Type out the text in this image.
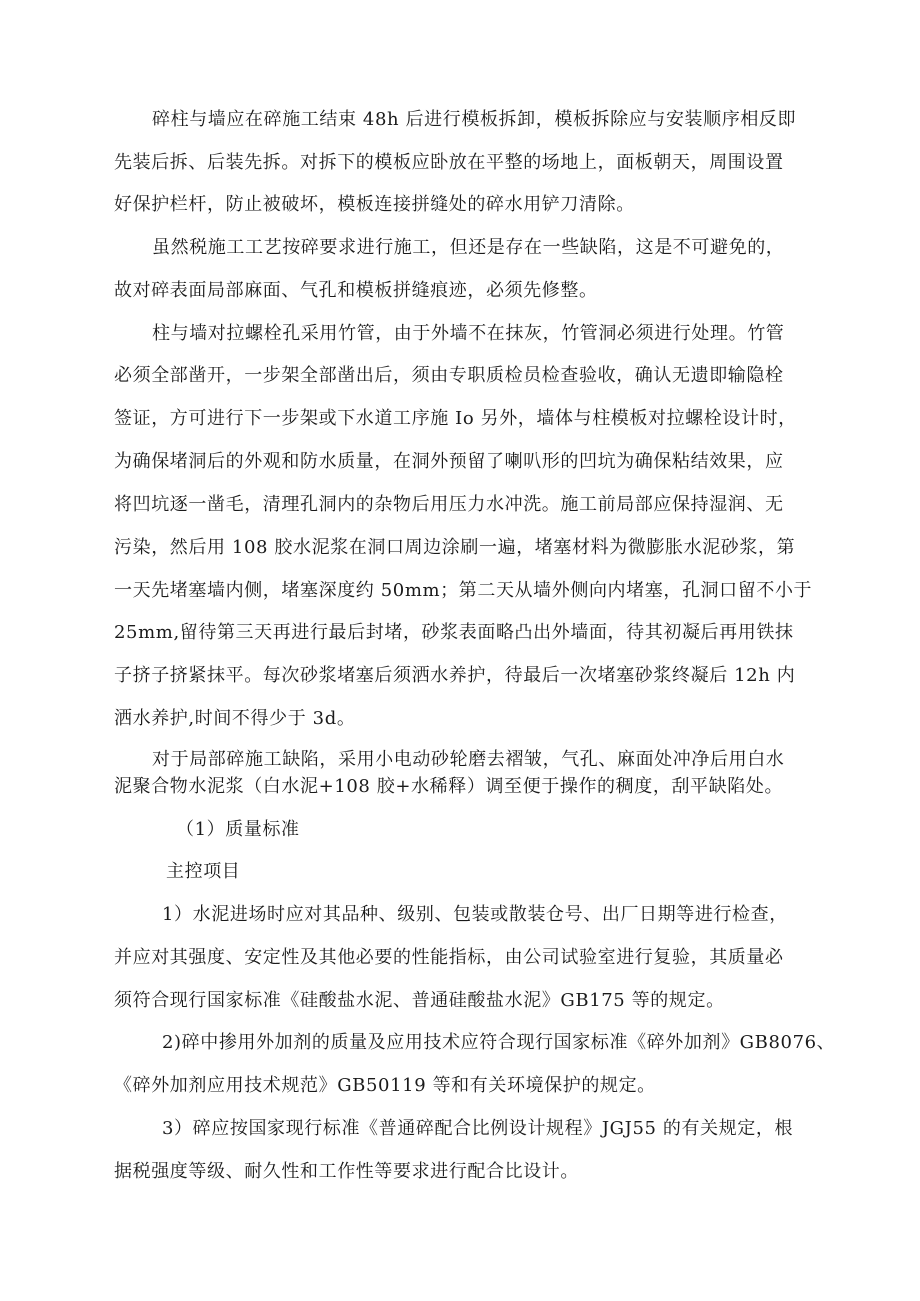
碎柱与墙应在碎施工结束 48h 后进行模板拆卸，模板拆除应与安装顺序相反即
先装后拆、后装先拆。对拆下的模板应卧放在平整的场地上，面板朝天，周围设置
好保护栏杆，防止被破坏，模板连接拼缝处的碎水用铲刀清除。
虽然税施工工艺按碎要求进行施工，但还是存在一些缺陷，这是不可避免的，
故对碎表面局部麻面、气孔和模板拼缝痕迹，必须先修整。
柱与墙对拉螺栓孔采用竹管，由于外墙不在抹灰，竹管洞必须进行处理。竹管
必须全部凿开，一步架全部凿出后，须由专职质检员检查验收，确认无遗即输隐栓
签证，方可进行下一步架或下水道工序施 Io 另外，墙体与柱模板对拉螺栓设计时，
为确保堵洞后的外观和防水质量，在洞外预留了喇叭形的凹坑为确保粘结效果，应
将凹坑逐一凿毛，清理孔洞内的杂物后用压力水冲洗。施工前局部应保持湿润、无
污染，然后用 108 胶水泥浆在洞口周边涂刷一遍，堵塞材料为微膨胀水泥砂浆，第
一天先堵塞墙内侧，堵塞深度约 50mm；第二天从墙外侧向内堵塞，孔洞口留不小于
25mm,留待第三天再进行最后封堵，砂浆表面略凸出外墙面，待其初凝后再用铁抹
子挤子挤紧抹平。每次砂浆堵塞后须洒水养护，待最后一次堵塞砂浆终凝后 12h 内
洒水养护,时间不得少于 3d。
对于局部碎施工缺陷，采用小电动砂轮磨去褶皱，气孔、麻面处冲净后用白水
泥聚合物水泥浆（白水泥+108 胶+水稀释）调至便于操作的稠度，刮平缺陷处。
（1）质量标准
主控项目
1）水泥进场时应对其品种、级别、包装或散装仓号、出厂日期等进行检查，
并应对其强度、安定性及其他必要的性能指标，由公司试验室进行复验，其质量必
须符合现行国家标准《硅酸盐水泥、普通硅酸盐水泥》GB175 等的规定。
2)碎中掺用外加剂的质量及应用技术应符合现行国家标准《碎外加剂》GB8076、
《碎外加剂应用技术规范》GB50119 等和有关环境保护的规定。
3）碎应按国家现行标准《普通碎配合比例设计规程》JGJ55 的有关规定，根
据税强度等级、耐久性和工作性等要求进行配合比设计。
